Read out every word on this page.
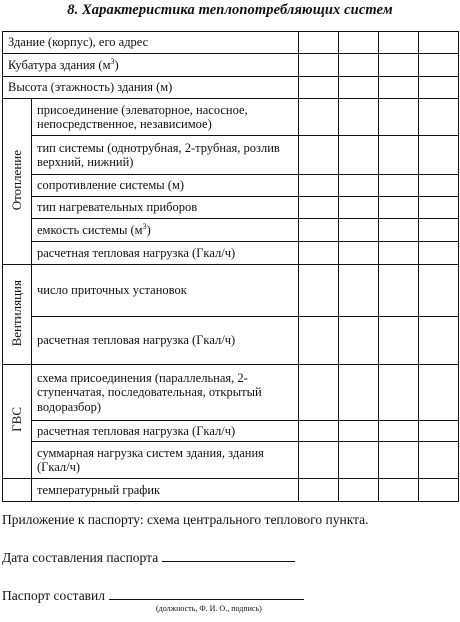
8. Характеристика теплопотребляющих систем
Здание (корпус), его адрес					
Кубатура здания $(м^3)$					
Высота (этажность) здания (м)					
Отопление	присоединение (элеваторное, насосное, непосредственное, независимое)				
	тип системы (однотрубная, 2-трубная, розлив верхний, нижний)				
	сопротивление системы (м)				
	тип нагревательных приборов				
	емкость системы $(м^3)$				
	расчетная тепловая нагрузка (Гкал/ч)				
Вентиляция	число приточных установок				
	расчетная тепловая нагрузка (Гкал/ч)				
ГВС	схема присоединения (параллельная, 2-ступенчатая, последовательная, открытый водоразбор)				
	расчетная тепловая нагрузка (Гкал/ч)				
	суммарная нагрузка систем здания, здания (Гкал/ч)				
	температурный график				
Приложение к паспорту: схема центрального теплового пункта.
Дата составления паспорта
Паспорт составил
(должность, Ф. И. О., подпись)
